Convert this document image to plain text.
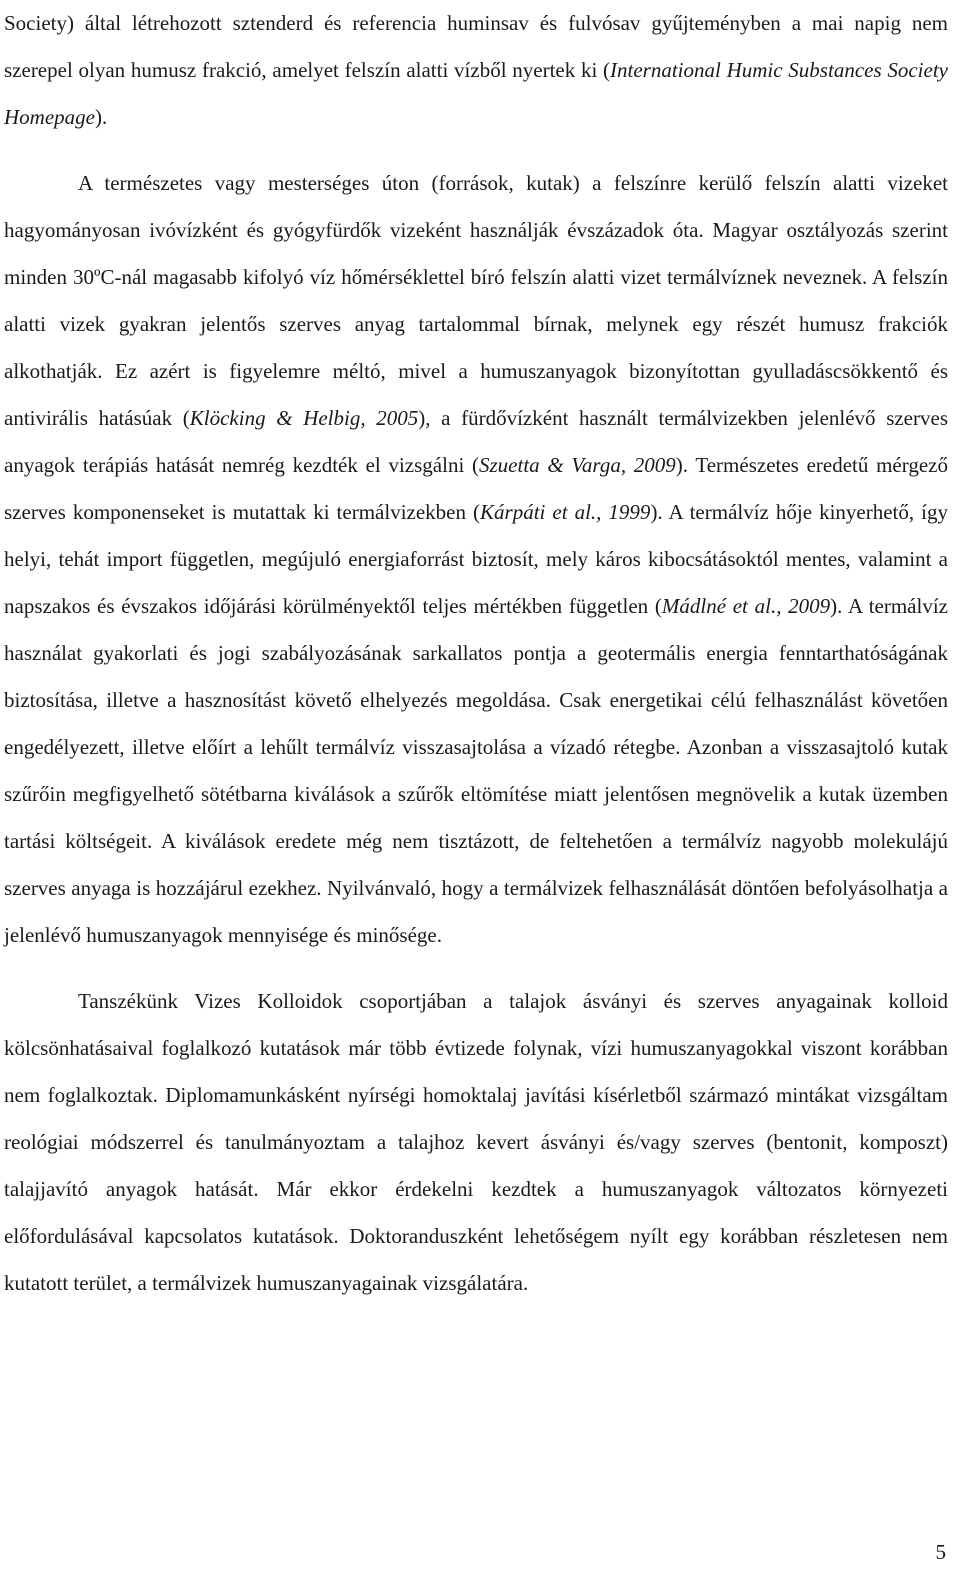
Society) által létrehozott sztenderd és referencia huminsav és fulvósav gyűjteményben a mai napig nem szerepel olyan humusz frakció, amelyet felszín alatti vízből nyertek ki (International Humic Substances Society Homepage).

A természetes vagy mesterséges úton (források, kutak) a felszínre kerülő felszín alatti vizeket hagyományosan ivóvízként és gyógyfürdők vizeként használják évszázadok óta. Magyar osztályozás szerint minden 30ºC-nál magasabb kifolyó víz hőmérséklettel bíró felszín alatti vizet termálvíznek neveznek. A felszín alatti vizek gyakran jelentős szerves anyag tartalommal bírnak, melynek egy részét humusz frakciók alkothatják. Ez azért is figyelemre méltó, mivel a humuszanyagok bizonyítottan gyulladáscsökkentő és antivirális hatásúak (Klöcking & Helbig, 2005), a fürdővízként használt termálvizekben jelenlévő szerves anyagok terápiás hatását nemrég kezdték el vizsgálni (Szuetta & Varga, 2009). Természetes eredetű mérgező szerves komponenseket is mutattak ki termálvizekben (Kárpáti et al., 1999). A termálvíz hője kinyerhető, így helyi, tehát import független, megújuló energiaforrást biztosít, mely káros kibocsátásoktól mentes, valamint a napszakos és évszakos időjárási körülményektől teljes mértékben független (Mádlné et al., 2009). A termálvíz használat gyakorlati és jogi szabályozásának sarkallatos pontja a geotermális energia fenntarthatóságának biztosítása, illetve a hasznosítást követő elhelyezés megoldása. Csak energetikai célú felhasználást követően engedélyezett, illetve előírt a lehűlt termálvíz visszasajtolása a vízadó rétegbe. Azonban a visszasajtoló kutak szűrőin megfigyelhető sötétbarna kiválások a szűrők eltömítése miatt jelentősen megnövelik a kutak üzemben tartási költségeit. A kiválások eredete még nem tisztázott, de feltehetően a termálvíz nagyobb molekulájú szerves anyaga is hozzájárul ezekhez. Nyilvánvaló, hogy a termálvizek felhasználását döntően befolyásolhatja a jelenlévő humuszanyagok mennyisége és minősége.

Tanszékünk Vizes Kolloidok csoportjában a talajok ásványi és szerves anyagainak kolloid kölcsönhatásaival foglalkozó kutatások már több évtizede folynak, vízi humuszanyagokkal viszont korábban nem foglalkoztak. Diplomamunkásként nyírségi homoktalaj javítási kísérletből származó mintákat vizsgáltam reológiai módszerrel és tanulmányoztam a talajhoz kevert ásványi és/vagy szerves (bentonit, komposzt) talajjavító anyagok hatását. Már ekkor érdekelni kezdtek a humuszanyagok változatos környezeti előfordulásával kapcsolatos kutatások. Doktoranduszként lehetőségem nyílt egy korábban részletesen nem kutatott terület, a termálvizek humuszanyagainak vizsgálatára.

5
